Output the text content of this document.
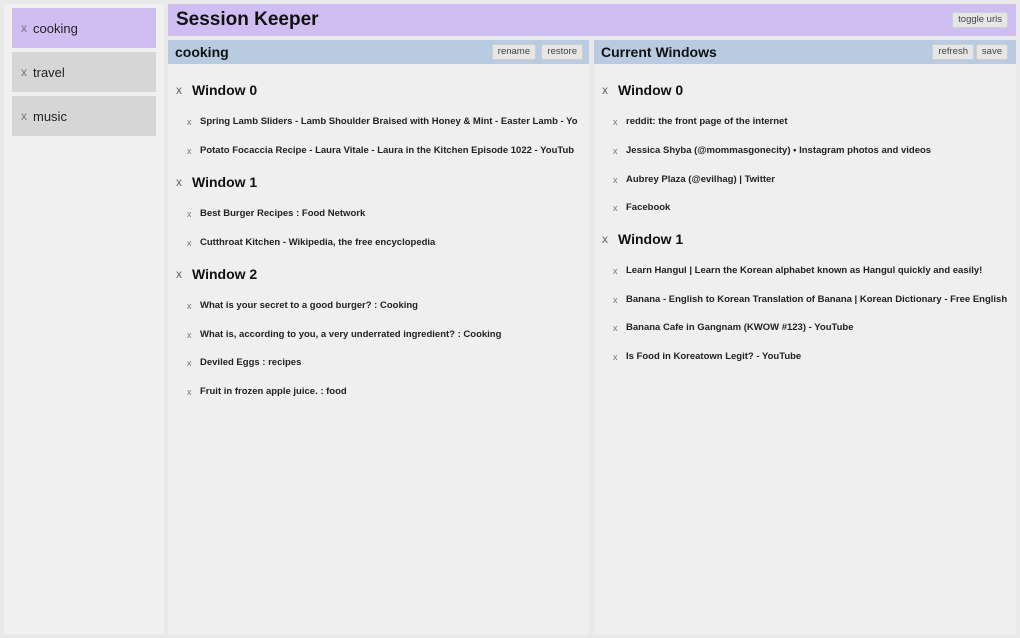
x cooking
x travel
x music
Session Keeper	toggle urls
cooking	rename	restore
x Window 0
x Spring Lamb Sliders - Lamb Shoulder Braised with Honey & Mint - Easter Lamb - Yo
x Potato Focaccia Recipe - Laura Vitale - Laura in the Kitchen Episode 1022 - YouTub
x Window 1
x Best Burger Recipes : Food Network
x Cutthroat Kitchen - Wikipedia, the free encyclopedia
x Window 2
x What is your secret to a good burger? : Cooking
x What is, according to you, a very underrated ingredient? : Cooking
x Deviled Eggs : recipes
x Fruit in frozen apple juice. : food
Current Windows	refresh	save
x Window 0
x reddit: the front page of the internet
x Jessica Shyba (@mommasgonecity) • Instagram photos and videos
x Aubrey Plaza (@evilhag) | Twitter
x Facebook
x Window 1
x Learn Hangul | Learn the Korean alphabet known as Hangul quickly and easily!
x Banana - English to Korean Translation of Banana | Korean Dictionary - Free English
x Banana Cafe in Gangnam (KWOW #123) - YouTube
x Is Food in Koreatown Legit? - YouTube
